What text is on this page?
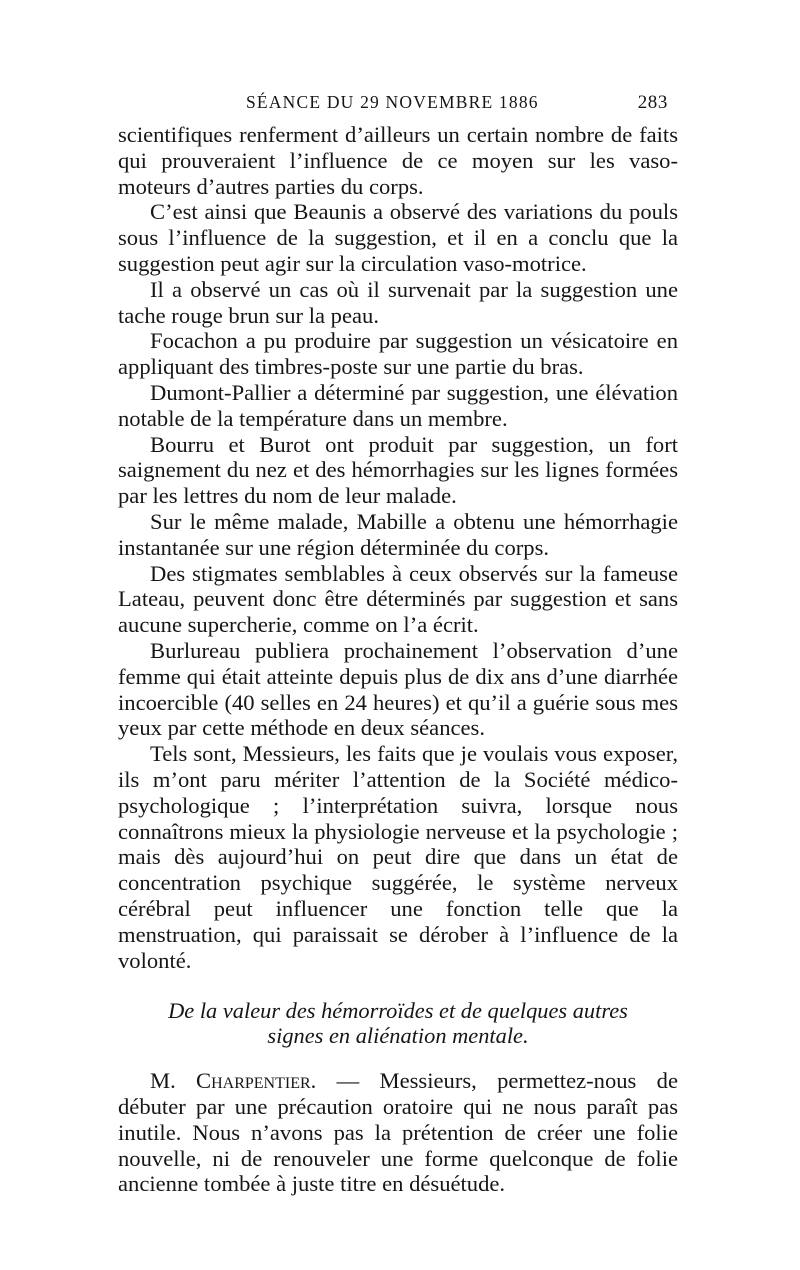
SÉANCE DU 29 NOVEMBRE 1886	283

scientifiques renferment d’ailleurs un certain nombre de faits qui prouveraient l’influence de ce moyen sur les vaso-moteurs d’autres parties du corps.

C’est ainsi que Beaunis a observé des variations du pouls sous l’influence de la suggestion, et il en a conclu que la suggestion peut agir sur la circulation vaso-motrice.

Il a observé un cas où il survenait par la suggestion une tache rouge brun sur la peau.

Focachon a pu produire par suggestion un vésicatoire en appliquant des timbres-poste sur une partie du bras.

Dumont-Pallier a déterminé par suggestion, une élévation notable de la température dans un membre.

Bourru et Burot ont produit par suggestion, un fort saignement du nez et des hémorrhagies sur les lignes formées par les lettres du nom de leur malade.

Sur le même malade, Mabille a obtenu une hémorrhagie instantanée sur une région déterminée du corps.

Des stigmates semblables à ceux observés sur la fameuse Lateau, peuvent donc être déterminés par suggestion et sans aucune supercherie, comme on l’a écrit.

Burlureau publiera prochainement l’observation d’une femme qui était atteinte depuis plus de dix ans d’une diarrhée incoercible (40 selles en 24 heures) et qu’il a guérie sous mes yeux par cette méthode en deux séances.

Tels sont, Messieurs, les faits que je voulais vous exposer, ils m’ont paru mériter l’attention de la Société médico-psychologique ; l’interprétation suivra, lorsque nous connaîtrons mieux la physiologie nerveuse et la psychologie ; mais dès aujourd’hui on peut dire que dans un état de concentration psychique suggérée, le système nerveux cérébral peut influencer une fonction telle que la menstruation, qui paraissait se dérober à l’influence de la volonté.

De la valeur des hémorroïdes et de quelques autres

signes en aliénation mentale.

M. Charpentier. — Messieurs, permettez-nous de débuter par une précaution oratoire qui ne nous paraît pas inutile. Nous n’avons pas la prétention de créer une folie nouvelle, ni de renouveler une forme quelconque de folie ancienne tombée à juste titre en désuétude.
